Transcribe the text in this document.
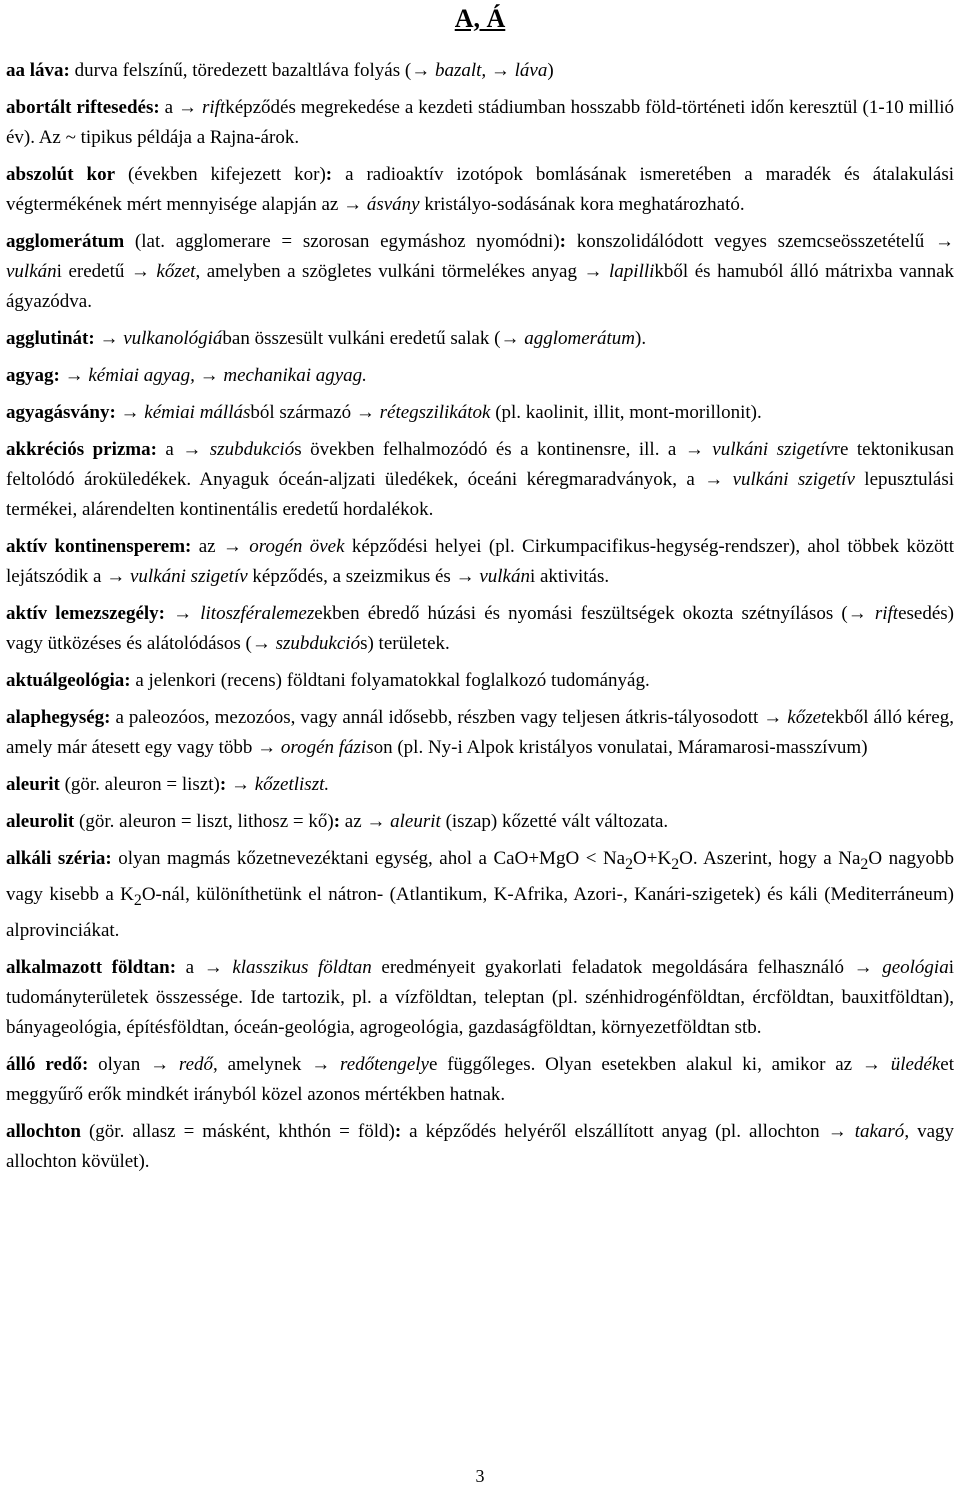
A, Á

aa láva: durva felszínű, töredezett bazaltláva folyás (→ bazalt, → láva)

abortált riftesedés: a → riftképződés megrekedése a kezdeti stádiumban hosszabb föld-történeti időn keresztül (1-10 millió év). Az ~ tipikus példája a Rajna-árok.

abszolút kor (években kifejezett kor): a radioaktív izotópok bomlásának ismeretében a maradék és átalakulási végtermékének mért mennyisége alapján az → ásvány kristályo-sodásának kora meghatározható.

agglomerátum (lat. agglomerare = szorosan egymáshoz nyomódni): konszolidálódott vegyes szemcseösszetételű → vulkáni eredetű → kőzet, amelyben a szögletes vulkáni törmelékes anyag → lapillikből és hamuból álló mátrixba vannak ágyazódva.

agglutinát: → vulkanológiában összesült vulkáni eredetű salak (→ agglomerátum).

agyag: → kémiai agyag, → mechanikai agyag.

agyagásvány: → kémiai mállásból származó → rétegszilikátok (pl. kaolinit, illit, mont-morillonit).

akkréciós prizma: a → szubdukciós övekben felhalmozódó és a kontinensre, ill. a → vulkáni szigetívre tektonikusan feltolódó ároküledékek. Anyaguk óceán-aljzati üledékek, óceáni kéregmaradványok, a → vulkáni szigetív lepusztulási termékei, alárendelten kontinentális eredetű hordalékok.

aktív kontinensperem: az → orogén övek képződési helyei (pl. Cirkumpacifikus-hegység-rendszer), ahol többek között lejátszódik a → vulkáni szigetív képződés, a szeizmikus és → vulkáni aktivitás.

aktív lemezszegély: → litoszféralemezekben ébredő húzási és nyomási feszültségek okozta szétnyílásos (→ riftesedés) vagy ütközéses és alátolódásos (→ szubdukciós) területek.

aktuálgeológia: a jelenkori (recens) földtani folyamatokkal foglalkozó tudományág.

alaphegység: a paleozóos, mezozóos, vagy annál idősebb, részben vagy teljesen átkris-tályosodott → kőzetekből álló kéreg, amely már átesett egy vagy több → orogén fázison (pl. Ny-i Alpok kristályos vonulatai, Máramarosi-masszívum)

aleurit (gör. aleuron = liszt): → kőzetliszt.

aleurolit (gör. aleuron = liszt, lithosz = kő): az → aleurit (iszap) kőzetté vált változata.

alkáli széria: olyan magmás kőzetnevezéktani egység, ahol a $CaO+MgO < Na_2O+K_2O$. Aszerint, hogy a $Na_2O$ nagyobb vagy kisebb a $K_2O$-nál, különíthetünk el nátron- (Atlantikum, K-Afrika, Azori-, Kanári-szigetek) és káli (Mediterráneum) alprovinciákat.

alkalmazott földtan: a → klasszikus földtan eredményeit gyakorlati feladatok megoldására felhasználó → geológiai tudományterületek összessége. Ide tartozik, pl. a vízföldtan, teleptan (pl. szénhidrogénföldtan, ércföldtan, bauxitföldtan), bányageológia, építésföldtan, óceán-geológia, agrogeológia, gazdaságföldtan, környezetföldtan stb.

álló redő: olyan → redő, amelynek → redőtengelye függőleges. Olyan esetekben alakul ki, amikor az → üledéket meggyűrő erők mindkét irányból közel azonos mértékben hatnak.

allochton (gör. allasz = másként, khthón = föld): a képződés helyéről elszállított anyag (pl. allochton → takaró, vagy allochton kövület).

3
